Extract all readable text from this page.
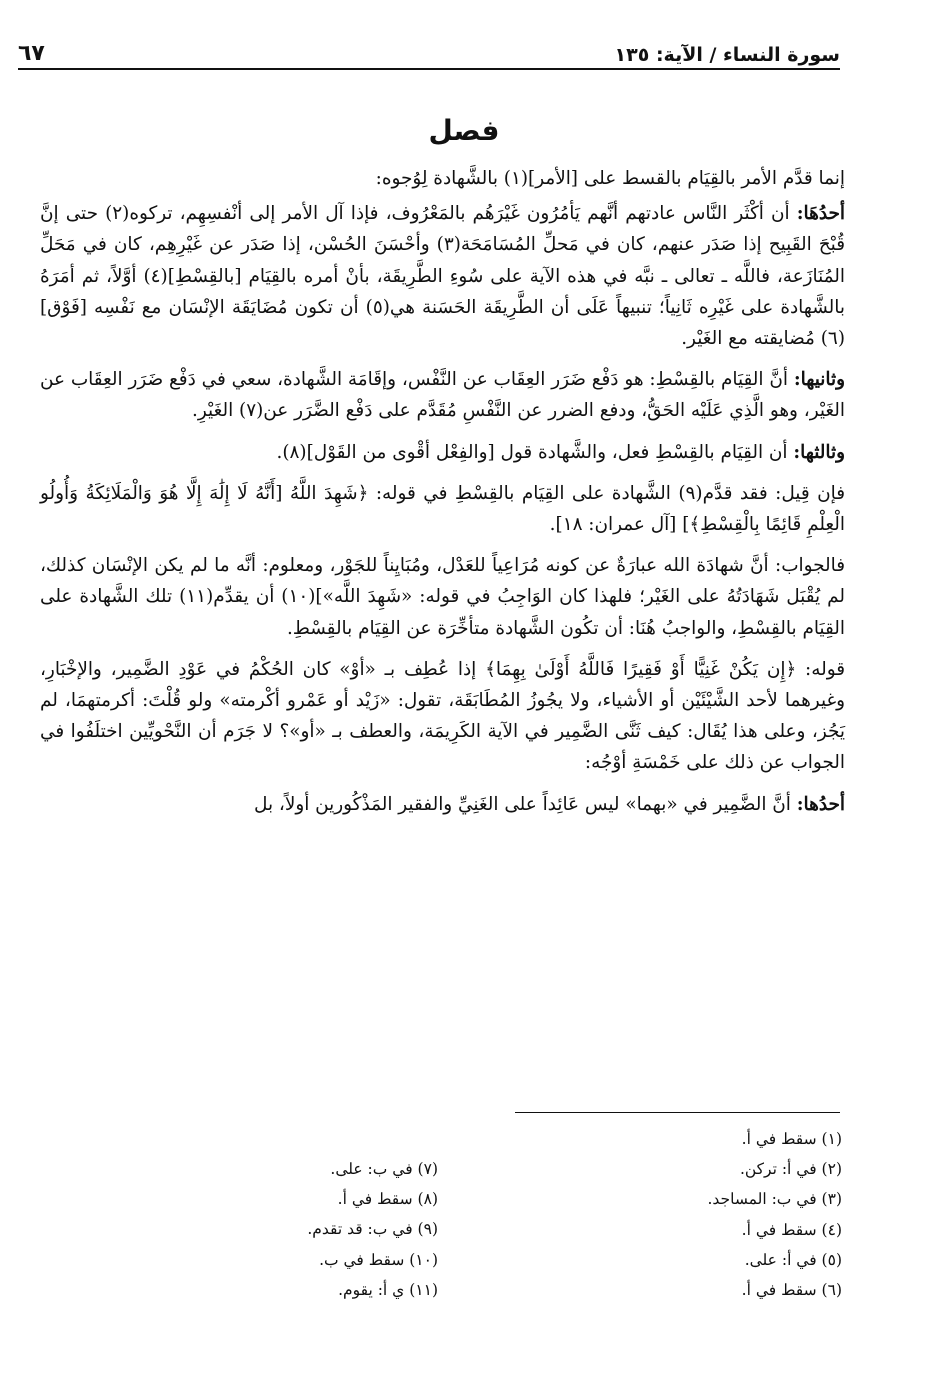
سورة النساء / الآية: ١٣٥
٦٧
فصل

إنما قدَّم الأمر بالقِيَام بالقسط على [الأمر](١) بالشَّهادة لِوُجوه:

أحدُهَا: أن أكْثَر النَّاس عادتهم أنَّهم يَأمُرُون غَيْرَهُم بالمَعْرُوف، فإذا آل الأمر إلى أنْفسِهِم، تركوه(٢) حتى إنَّ قُبْحَ القَبِيح إذا صَدَر عنهم، كان في مَحلِّ المُسَامَحَة(٣) وأحْسَنَ الحُسْن، إذا صَدَر عن غَيْرِهِم، كان في مَحَلِّ المُنَازَعة، فاللَّه ـ تعالى ـ نبَّه في هذه الآية على سُوءِ الطَّرِيقَة، بأنْ أمره بالقِيَام [بالقِسْطِ](٤) أوَّلاً، ثم أمَرَهُ بالشَّهادة على غَيْرِه ثَانِياً؛ تنبيهاً عَلَى أن الطَّرِيقَة الحَسَنة هي(٥) أن تكون مُضَايَقَة الإنْسَان مع نَفْسِه [فَوْق](٦) مُضايقته مع الغَيْر.

وثانيها: أنَّ القِيَام بالقِسْطِ: هو دَفْع ضَرَر العِقَاب عن النَّفْس، وإقَامَة الشَّهادة، سعي في دَفْع ضَرَر العِقَاب عن الغَيْر، وهو الَّذِي عَلَيْه الحَقُّ، ودفع الضرر عن النَّفْسِ مُقَدَّم على دَفْع الضَّرَر عن(٧) الغَيْرِ.

وثالثها: أن القِيَام بالقِسْطِ فعل، والشَّهادة قول [والفِعْل أقْوى من القَوْل](٨).

فإن قِيل: فقد قدَّم(٩) الشَّهادة على القِيَام بالقِسْطِ في قوله: ﴿شَهِدَ اللَّهُ [أَنَّهُ لَا إِلَٰهَ إِلَّا هُوَ وَالْمَلَائِكَةُ وَأُولُو الْعِلْمِ قَائِمًا بِالْقِسْطِ﴾] [آل عمران: ١٨].

فالجواب: أنَّ شهادَة الله عبارَةٌ عن كونه مُرَاعِياً للعَدْل، ومُبَايِناً للجَوْر، ومعلوم: أنَّه ما لم يكن الإنْسَان كذلك، لم يُقْبَل شَهَادَتُهُ على الغَيْر؛ فلهذا كان الوَاجِبُ في قوله: «شَهِدَ اللَّه»](١٠) أن يقدِّم(١١) تلك الشَّهادة على القِيَام بالقِسْطِ، والواجبُ هُنَا: أن تكُون الشَّهادة متأخِّرَة عن القِيَام بالقِسْطِ.

قوله: ﴿إِن يَكُنْ غَنِيًّا أَوْ فَقِيرًا فَاللَّهُ أَوْلَىٰ بِهِمَا﴾ إذا عُطِف بـ «أوْ» كان الحُكْمُ في عَوْدِ الضَّمِير، والإخْبَارِ، وغيرهما لأحد الشَّيْئَيْن أو الأشياء، ولا يجُوزُ المُطَابَقَة، تقول: «زَيْد أو عَمْرو أكْرمته» ولو قُلْتَ: أكرمتهمَا، لم يَجُز، وعلى هذا يُقَال: كيف ثَنَّى الضَّمِير في الآية الكَرِيمَة، والعطف بـ «أو»؟ لا جَرَم أن النَّحْويِّين اختلَفُوا في الجواب عن ذلك على خَمْسَةِ أوْجُه:

أحدُها: أنَّ الضَّمِير في «بهما» ليس عَائِداً على الغَنِيِّ والفقير المَذْكُورين أولاً، بل

(١) سقط في أ.
(٢) في أ: تركن.
(٣) في ب: المساجد.
(٤) سقط في أ.
(٥) في أ: على.
(٦) سقط في أ.
(٧) في ب: على.
(٨) سقط في أ.
(٩) في ب: قد تقدم.
(١٠) سقط في ب.
(١١) ي أ: يقوم.
